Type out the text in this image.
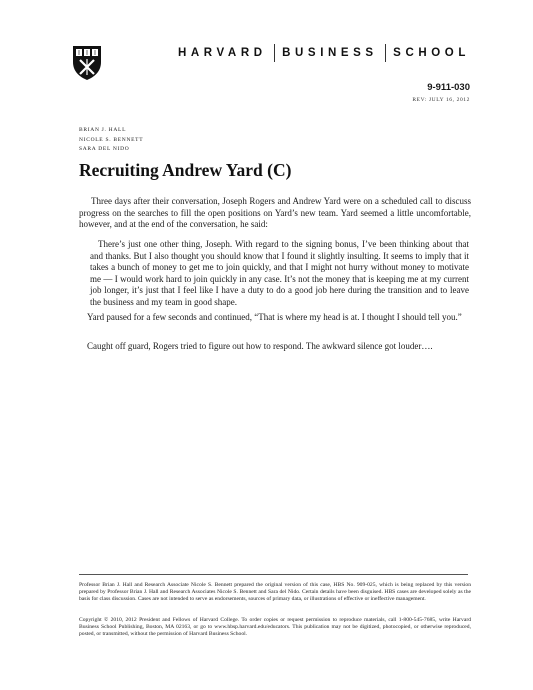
HARVARD BUSINESS SCHOOL
9-911-030
REV: JULY 16, 2012
BRIAN J. HALL
NICOLE S. BENNETT
SARA DEL NIDO
Recruiting Andrew Yard (C)

Three days after their conversation, Joseph Rogers and Andrew Yard were on a scheduled call to discuss progress on the searches to fill the open positions on Yard’s new team. Yard seemed a little uncomfortable, however, and at the end of the conversation, he said:

There’s just one other thing, Joseph. With regard to the signing bonus, I’ve been thinking about that and thanks. But I also thought you should know that I found it slightly insulting. It seems to imply that it takes a bunch of money to get me to join quickly, and that I might not hurry without money to motivate me — I would work hard to join quickly in any case. It’s not the money that is keeping me at my current job longer, it’s just that I feel like I have a duty to do a good job here during the transition and to leave the business and my team in good shape.

Yard paused for a few seconds and continued, “That is where my head is at. I thought I should tell you.”

Caught off guard, Rogers tried to figure out how to respond. The awkward silence got louder….

Professor Brian J. Hall and Research Associate Nicole S. Bennett prepared the original version of this case, HBS No. 909-025, which is being replaced by this version prepared by Professor Brian J. Hall and Research Associates Nicole S. Bennett and Sara del Nido. Certain details have been disguised. HBS cases are developed solely as the basis for class discussion. Cases are not intended to serve as endorsements, sources of primary data, or illustrations of effective or ineffective management.
Copyright © 2010, 2012 President and Fellows of Harvard College. To order copies or request permission to reproduce materials, call 1-800-545-7685, write Harvard Business School Publishing, Boston, MA 02163, or go to www.hbsp.harvard.edu/educators. This publication may not be digitized, photocopied, or otherwise reproduced, posted, or transmitted, without the permission of Harvard Business School.
